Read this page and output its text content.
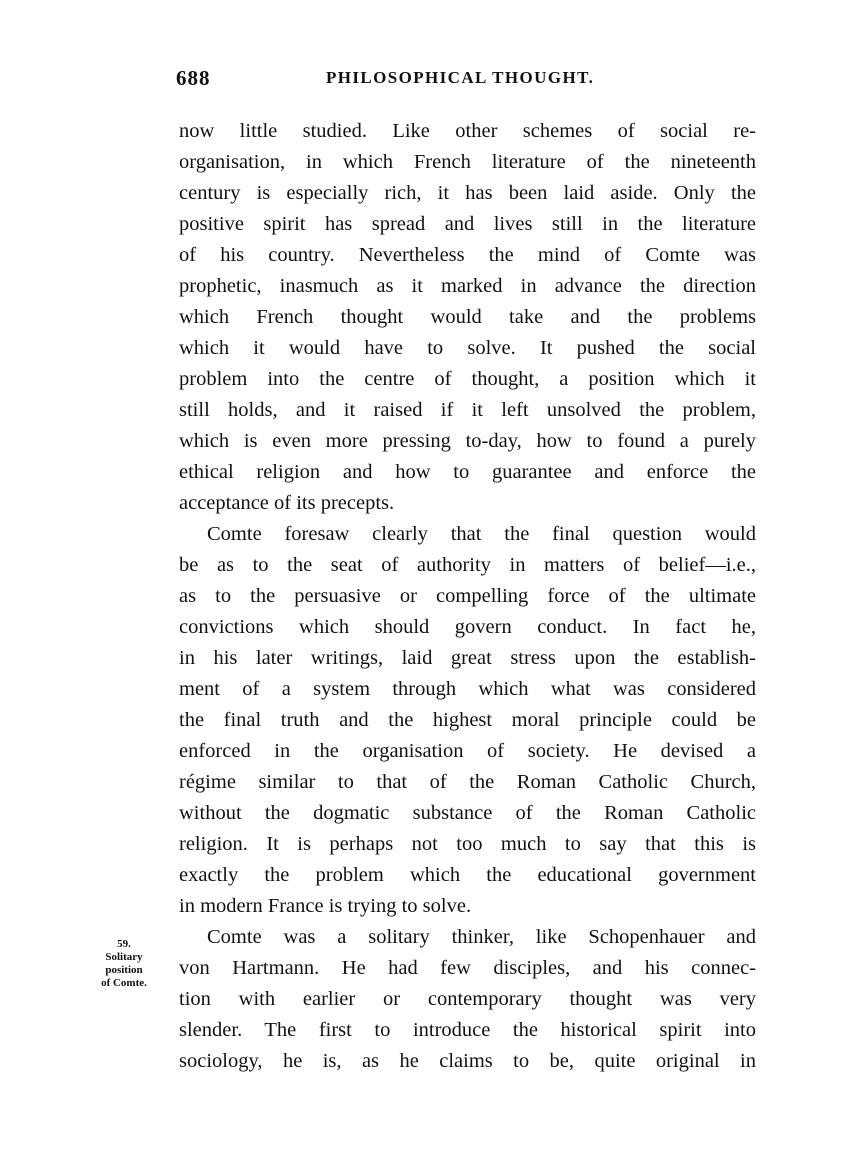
688	PHILOSOPHICAL THOUGHT.
now little studied. Like other schemes of social re-
organisation, in which French literature of the nineteenth
century is especially rich, it has been laid aside. Only the
positive spirit has spread and lives still in the literature
of his country. Nevertheless the mind of Comte was
prophetic, inasmuch as it marked in advance the direction
which French thought would take and the problems
which it would have to solve. It pushed the social
problem into the centre of thought, a position which it
still holds, and it raised if it left unsolved the problem,
which is even more pressing to-day, how to found a purely
ethical religion and how to guarantee and enforce the
acceptance of its precepts.
Comte foresaw clearly that the final question would
be as to the seat of authority in matters of belief—i.e.,
as to the persuasive or compelling force of the ultimate
convictions which should govern conduct. In fact he,
in his later writings, laid great stress upon the establish-
ment of a system through which what was considered
the final truth and the highest moral principle could be
enforced in the organisation of society. He devised a
régime similar to that of the Roman Catholic Church,
without the dogmatic substance of the Roman Catholic
religion. It is perhaps not too much to say that this is
exactly the problem which the educational government
in modern France is trying to solve.
Comte was a solitary thinker, like Schopenhauer and
von Hartmann. He had few disciples, and his connec-
tion with earlier or contemporary thought was very
slender. The first to introduce the historical spirit into
sociology, he is, as he claims to be, quite original in
59.
Solitary
position
of Comte.
